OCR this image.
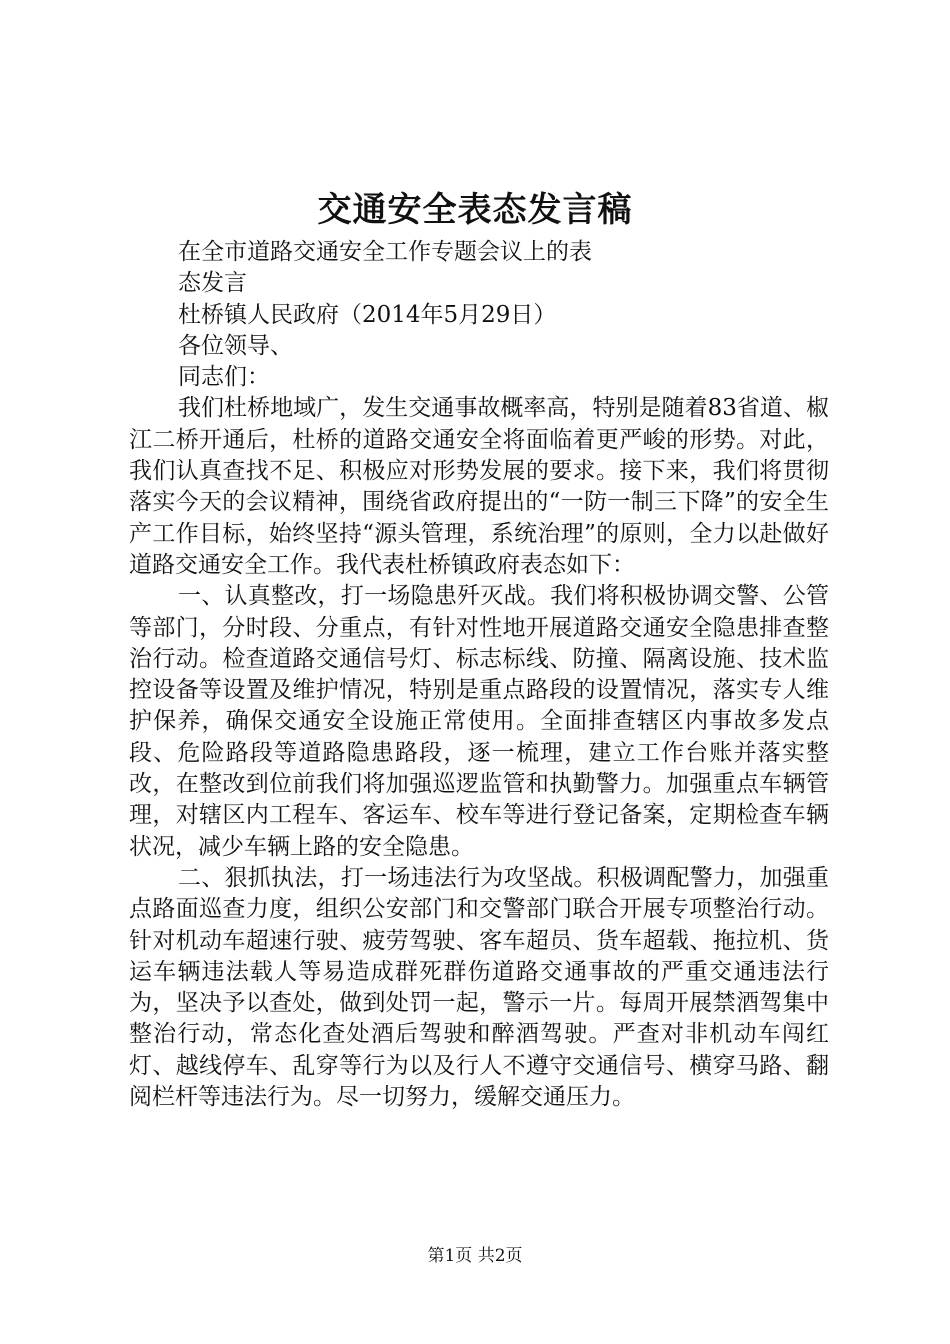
交通安全表态发言稿

在全市道路交通安全工作专题会议上的表

态发言

杜桥镇人民政府（2014年5月29日）

各位领导、

同志们：

我们杜桥地域广，发生交通事故概率高，特别是随着83省道、椒江二桥开通后，杜桥的道路交通安全将面临着更严峻的形势。对此，我们认真查找不足、积极应对形势发展的要求。接下来，我们将贯彻落实今天的会议精神，围绕省政府提出的“一防一制三下降”的安全生产工作目标，始终坚持“源头管理，系统治理”的原则，全力以赴做好道路交通安全工作。我代表杜桥镇政府表态如下：

一、认真整改，打一场隐患歼灭战。我们将积极协调交警、公管等部门，分时段、分重点，有针对性地开展道路交通安全隐患排查整治行动。检查道路交通信号灯、标志标线、防撞、隔离设施、技术监控设备等设置及维护情况，特别是重点路段的设置情况，落实专人维护保养，确保交通安全设施正常使用。全面排查辖区内事故多发点段、危险路段等道路隐患路段，逐一梳理，建立工作台账并落实整改，在整改到位前我们将加强巡逻监管和执勤警力。加强重点车辆管理，对辖区内工程车、客运车、校车等进行登记备案，定期检查车辆状况，减少车辆上路的安全隐患。

二、狠抓执法，打一场违法行为攻坚战。积极调配警力，加强重点路面巡查力度，组织公安部门和交警部门联合开展专项整治行动。针对机动车超速行驶、疲劳驾驶、客车超员、货车超载、拖拉机、货运车辆违法载人等易造成群死群伤道路交通事故的严重交通违法行为，坚决予以查处，做到处罚一起，警示一片。每周开展禁酒驾集中整治行动，常态化查处酒后驾驶和醉酒驾驶。严查对非机动车闯红灯、越线停车、乱穿等行为以及行人不遵守交通信号、横穿马路、翻阅栏杆等违法行为。尽一切努力，缓解交通压力。

第1页 共2页
